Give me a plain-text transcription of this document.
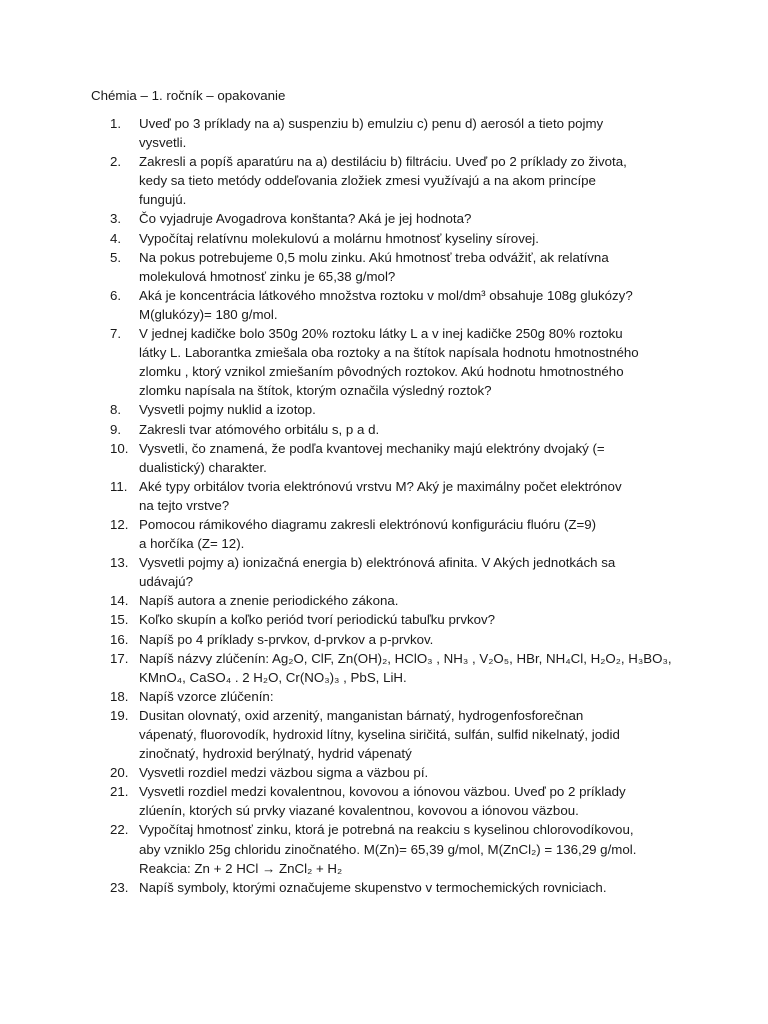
Chémia – 1. ročník – opakovanie
1.	Uveď po 3 príklady na a) suspenziu b) emulziu c) penu d) aerosól a tieto pojmy
vysvetli.
2.	Zakresli a popíš aparatúru na a) destiláciu b) filtráciu. Uveď po 2 príklady zo života,
kedy sa tieto metódy oddeľovania zložiek zmesi využívajú a na akom princípe
fungujú.
3.	Čo vyjadruje Avogadrova konštanta? Aká je jej hodnota?
4.	Vypočítaj relatívnu molekulovú a molárnu hmotnosť kyseliny sírovej.
5.	Na pokus potrebujeme 0,5 molu zinku. Akú hmotnosť treba odvážiť, ak relatívna
molekulová hmotnosť zinku je 65,38 g/mol?
6.	Aká je koncentrácia látkového množstva roztoku v mol/dm³ obsahuje 108g glukózy?
M(glukózy)= 180 g/mol.
7.	V jednej kadičke bolo 350g 20% roztoku látky L a v inej kadičke 250g 80% roztoku
látky L. Laborantka zmiešala oba roztoky a na štítok napísala hodnotu hmotnostného
zlomku , ktorý vznikol zmiešaním pôvodných roztokov. Akú hodnotu hmotnostného
zlomku napísala na štítok, ktorým označila výsledný roztok?
8.	Vysvetli pojmy nuklid a izotop.
9.	Zakresli tvar atómového orbitálu s, p a d.
10. Vysvetli, čo znamená, že podľa kvantovej mechaniky majú elektróny dvojaký (=
dualistický) charakter.
11. Aké typy orbitálov tvoria elektrónovú vrstvu M? Aký je maximálny počet elektrónov
na tejto vrstve?
12. Pomocou rámikového diagramu zakresli elektrónovú konfiguráciu fluóru (Z=9)
a horčíka (Z= 12).
13. Vysvetli pojmy a) ionizačná energia b) elektrónová afinita. V Akých jednotkách sa
udávajú?
14. Napíš autora a znenie periodického zákona.
15. Koľko skupín a koľko periód tvorí periodickú tabuľku prvkov?
16. Napíš po 4 príklady s-prvkov, d-prvkov a p-prvkov.
17. Napíš názvy zlúčenín: Ag₂O, ClF, Zn(OH)₂, HClO₃ , NH₃ , V₂O₅, HBr, NH₄Cl, H₂O₂, H₃BO₃,
KMnO₄, CaSO₄ . 2 H₂O, Cr(NO₃)₃ , PbS, LiH.
18. Napíš vzorce zlúčenín:
19. Dusitan olovnatý, oxid arzenitý, manganistan bárnatý, hydrogenfosforečnan
vápenatý, fluorovodík, hydroxid lítny, kyselina siričitá, sulfán, sulfid nikelnatý, jodid
zinočnatý, hydroxid berýlnatý, hydrid vápenatý
20. Vysvetli rozdiel medzi väzbou sigma a väzbou pí.
21. Vysvetli rozdiel medzi kovalentnou, kovovou a iónovou väzbou. Uveď po 2 príklady
zlúenín, ktorých sú prvky viazané kovalentnou, kovovou a iónovou väzbou.
22. Vypočítaj hmotnosť zinku, ktorá je potrebná na reakciu s kyselinou chlorovodíkovou,
aby vzniklo 25g chloridu zinočnatého. M(Zn)= 65,39 g/mol, M(ZnCl₂) = 136,29 g/mol.
Reakcia: Zn + 2 HCl → ZnCl₂ + H₂
23. Napíš symboly, ktorými označujeme skupenstvo v termochemických rovniciach.
